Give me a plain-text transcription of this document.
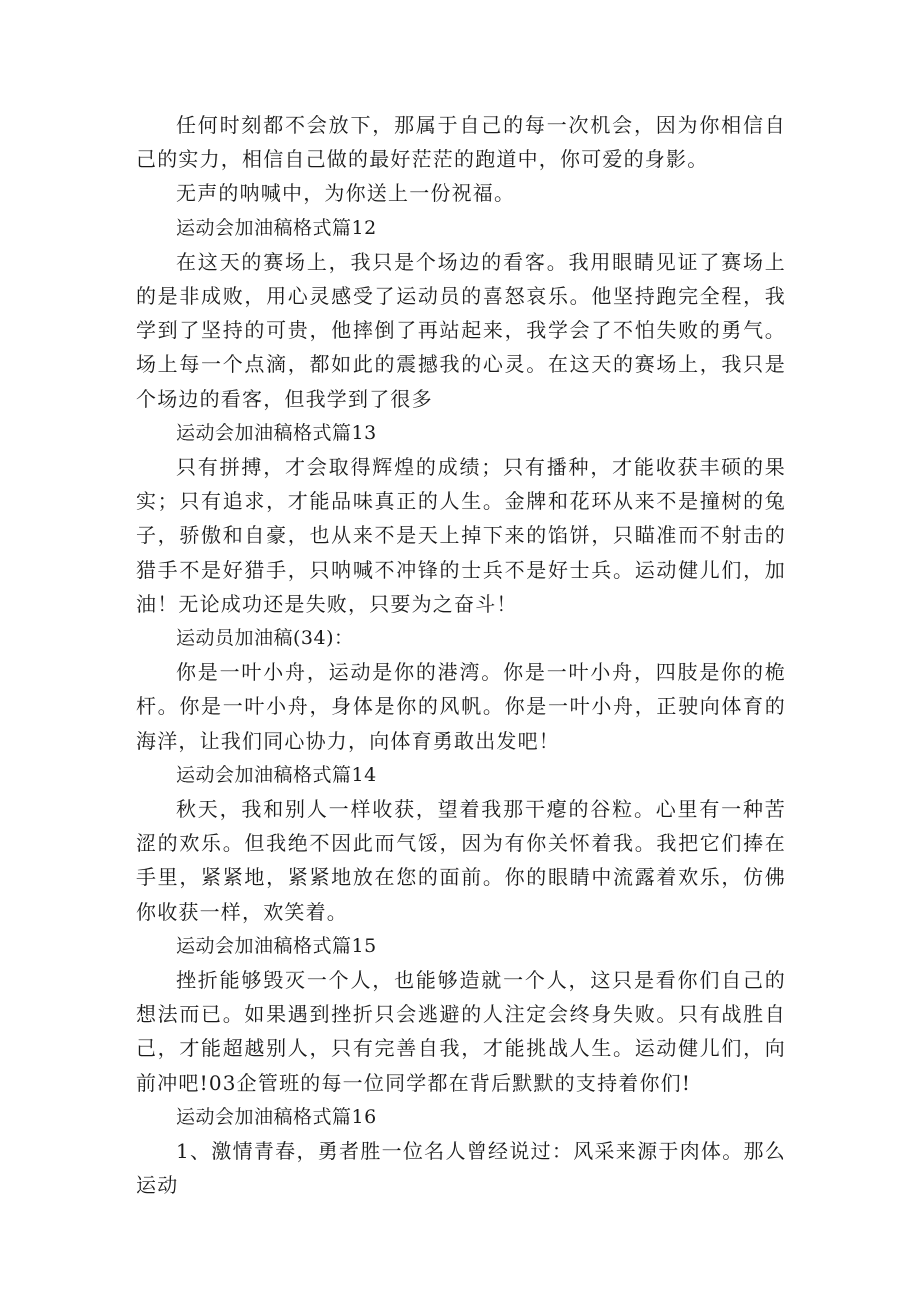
任何时刻都不会放下，那属于自己的每一次机会，因为你相信自己的实力，相信自己做的最好茫茫的跑道中，你可爱的身影。

无声的呐喊中，为你送上一份祝福。

运动会加油稿格式篇12

在这天的赛场上，我只是个场边的看客。我用眼睛见证了赛场上的是非成败，用心灵感受了运动员的喜怒哀乐。他坚持跑完全程，我学到了坚持的可贵，他摔倒了再站起来，我学会了不怕失败的勇气。场上每一个点滴，都如此的震撼我的心灵。在这天的赛场上，我只是个场边的看客，但我学到了很多

运动会加油稿格式篇13

只有拼搏，才会取得辉煌的成绩；只有播种，才能收获丰硕的果实；只有追求，才能品味真正的人生。金牌和花环从来不是撞树的兔子，骄傲和自豪，也从来不是天上掉下来的馅饼，只瞄准而不射击的猎手不是好猎手，只呐喊不冲锋的士兵不是好士兵。运动健儿们，加油！无论成功还是失败，只要为之奋斗！

运动员加油稿(34)：

你是一叶小舟，运动是你的港湾。你是一叶小舟，四肢是你的桅杆。你是一叶小舟，身体是你的风帆。你是一叶小舟，正驶向体育的海洋，让我们同心协力，向体育勇敢出发吧！

运动会加油稿格式篇14

秋天，我和别人一样收获，望着我那干瘪的谷粒。心里有一种苦涩的欢乐。但我绝不因此而气馁，因为有你关怀着我。我把它们捧在手里，紧紧地，紧紧地放在您的面前。你的眼睛中流露着欢乐，仿佛你收获一样，欢笑着。

运动会加油稿格式篇15

挫折能够毁灭一个人，也能够造就一个人，这只是看你们自己的想法而已。如果遇到挫折只会逃避的人注定会终身失败。只有战胜自己，才能超越别人，只有完善自我，才能挑战人生。运动健儿们，向前冲吧!03企管班的每一位同学都在背后默默的支持着你们!

运动会加油稿格式篇16

1、激情青春，勇者胜一位名人曾经说过：风采来源于肉体。那么运动
